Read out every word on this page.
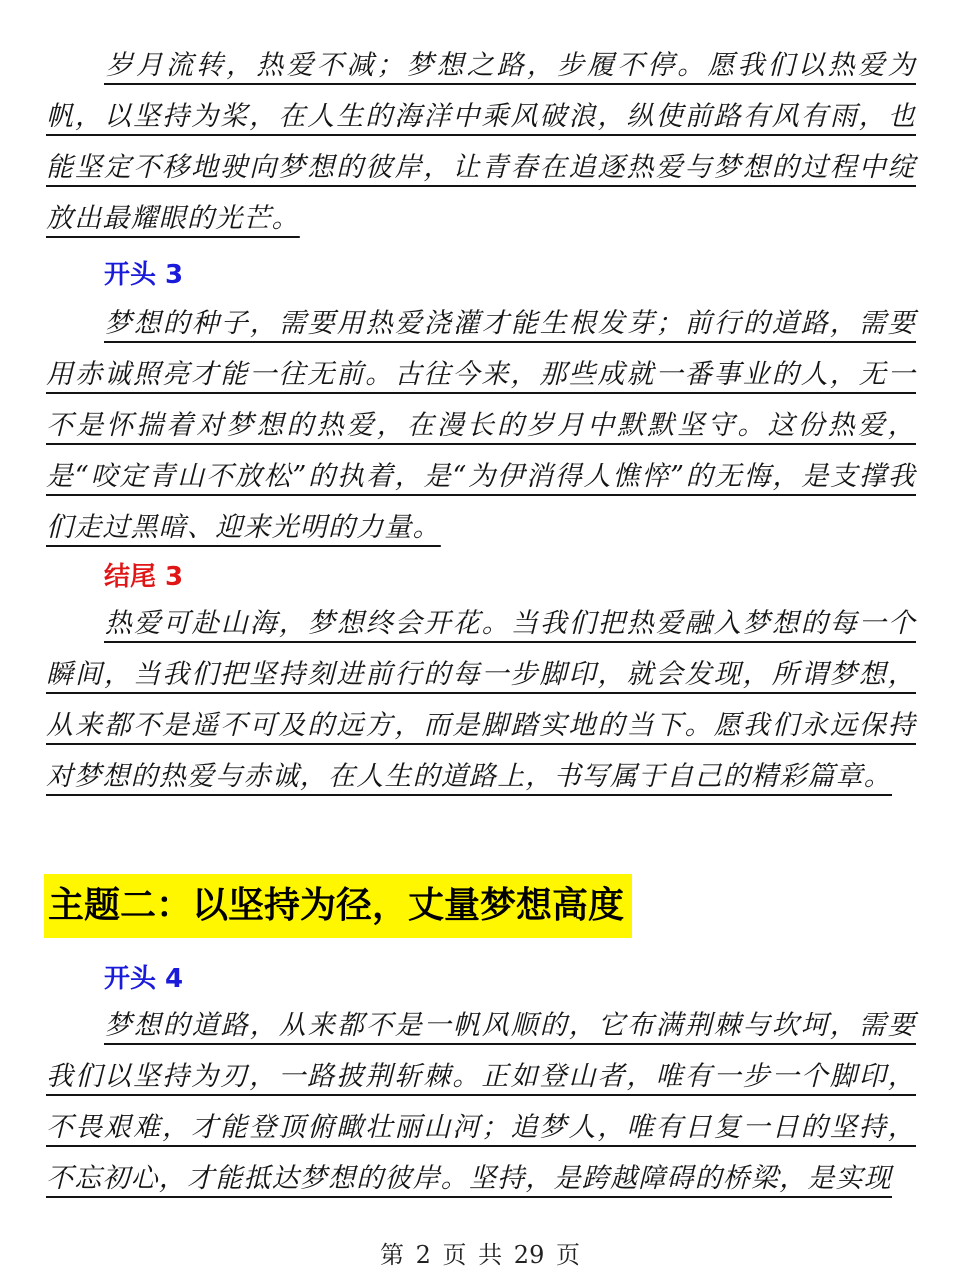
岁月流转，热爱不减；梦想之路，步履不停。愿我们以热爱为帆，以坚持为桨，在人生的海洋中乘风破浪，纵使前路有风有雨，也能坚定不移地驶向梦想的彼岸，让青春在追逐热爱与梦想的过程中绽放出最耀眼的光芒。

开头 3

梦想的种子，需要用热爱浇灌才能生根发芽；前行的道路，需要用赤诚照亮才能一往无前。古往今来，那些成就一番事业的人，无一不是怀揣着对梦想的热爱，在漫长的岁月中默默坚守。这份热爱，是“咬定青山不放松”的执着，是“为伊消得人憔悴”的无悔，是支撑我们走过黑暗、迎来光明的力量。

结尾 3

热爱可赴山海，梦想终会开花。当我们把热爱融入梦想的每一个瞬间，当我们把坚持刻进前行的每一步脚印，就会发现，所谓梦想，从来都不是遥不可及的远方，而是脚踏实地的当下。愿我们永远保持对梦想的热爱与赤诚，在人生的道路上，书写属于自己的精彩篇章。

主题二：以坚持为径，丈量梦想高度
开头 4

梦想的道路，从来都不是一帆风顺的，它布满荆棘与坎坷，需要我们以坚持为刃，一路披荆斩棘。正如登山者，唯有一步一个脚印，不畏艰难，才能登顶俯瞰壮丽山河；追梦人，唯有日复一日的坚持，不忘初心，才能抵达梦想的彼岸。坚持，是跨越障碍的桥梁，是实现

第 2 页 共 29 页
